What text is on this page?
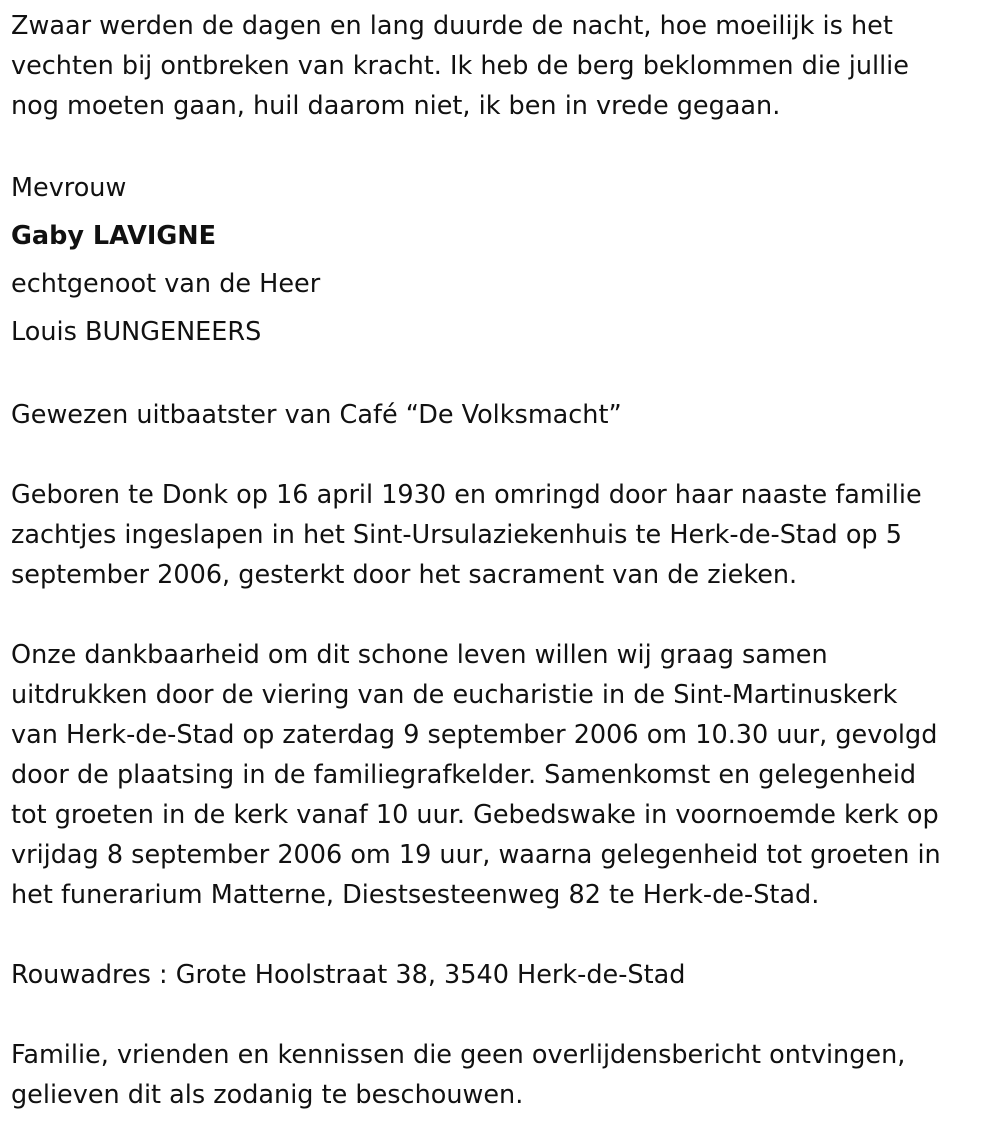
Zwaar werden de dagen en lang duurde de nacht, hoe moeilijk is het
vechten bij ontbreken van kracht. Ik heb de berg beklommen die jullie
nog moeten gaan, huil daarom niet, ik ben in vrede gegaan.

Mevrouw
Gaby LAVIGNE
echtgenoot van de Heer
Louis BUNGENEERS

Gewezen uitbaatster van Café “De Volksmacht”

Geboren te Donk op 16 april 1930 en omringd door haar naaste familie
zachtjes ingeslapen in het Sint-Ursulaziekenhuis te Herk-de-Stad op 5
september 2006, gesterkt door het sacrament van de zieken.

Onze dankbaarheid om dit schone leven willen wij graag samen
uitdrukken door de viering van de eucharistie in de Sint-Martinuskerk
van Herk-de-Stad op zaterdag 9 september 2006 om 10.30 uur, gevolgd
door de plaatsing in de familiegrafkelder. Samenkomst en gelegenheid
tot groeten in de kerk vanaf 10 uur. Gebedswake in voornoemde kerk op
vrijdag 8 september 2006 om 19 uur, waarna gelegenheid tot groeten in
het funerarium Matterne, Diestsesteenweg 82 te Herk-de-Stad.

Rouwadres : Grote Hoolstraat 38, 3540 Herk-de-Stad

Familie, vrienden en kennissen die geen overlijdensbericht ontvingen,
gelieven dit als zodanig te beschouwen.
